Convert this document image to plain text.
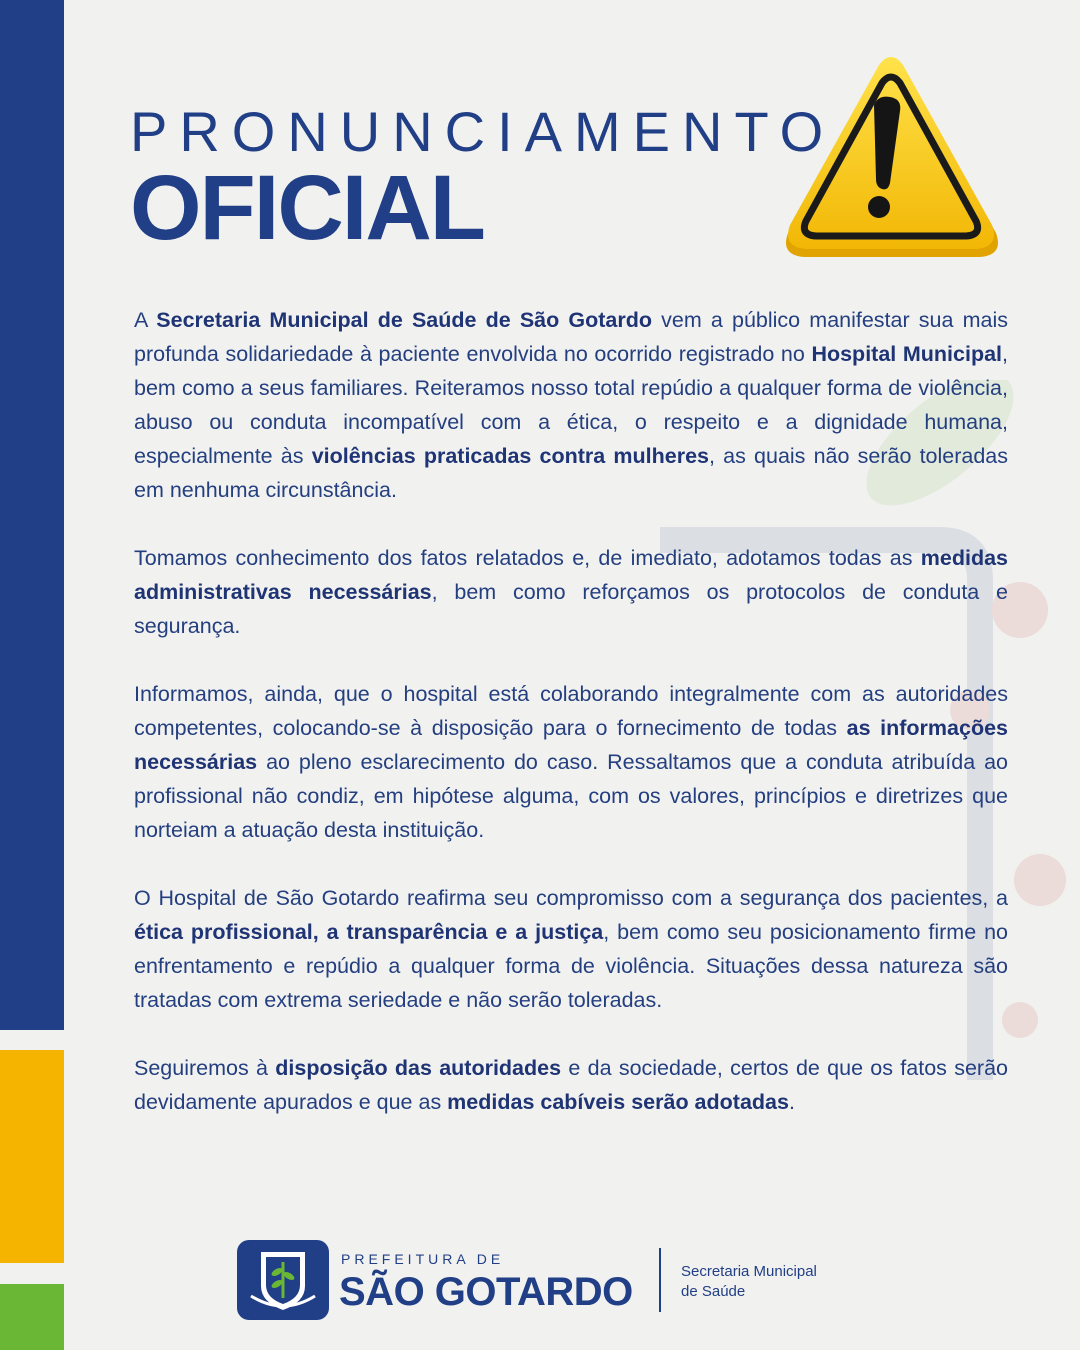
PRONUNCIAMENTO
OFICIAL

A Secretaria Municipal de Saúde de São Gotardo vem a público manifestar sua mais profunda solidariedade à paciente envolvida no ocorrido registrado no Hospital Municipal, bem como a seus familiares. Reiteramos nosso total repúdio a qualquer forma de violência, abuso ou conduta incompatível com a ética, o respeito e a dignidade humana, especialmente às violências praticadas contra mulheres, as quais não serão toleradas em nenhuma circunstância.

Tomamos conhecimento dos fatos relatados e, de imediato, adotamos todas as medidas administrativas necessárias, bem como reforçamos os protocolos de conduta e segurança.

Informamos, ainda, que o hospital está colaborando integralmente com as autoridades competentes, colocando-se à disposição para o fornecimento de todas as informações necessárias ao pleno esclarecimento do caso. Ressaltamos que a conduta atribuída ao profissional não condiz, em hipótese alguma, com os valores, princípios e diretrizes que norteiam a atuação desta instituição.

O Hospital de São Gotardo reafirma seu compromisso com a segurança dos pacientes, a ética profissional, a transparência e a justiça, bem como seu posicionamento firme no enfrentamento e repúdio a qualquer forma de violência. Situações dessa natureza são tratadas com extrema seriedade e não serão toleradas.

Seguiremos à disposição das autoridades e da sociedade, certos de que os fatos serão devidamente apurados e que as medidas cabíveis serão adotadas.

PREFEITURA DE
SÃO GOTARDO	Secretaria Municipal
de Saúde
